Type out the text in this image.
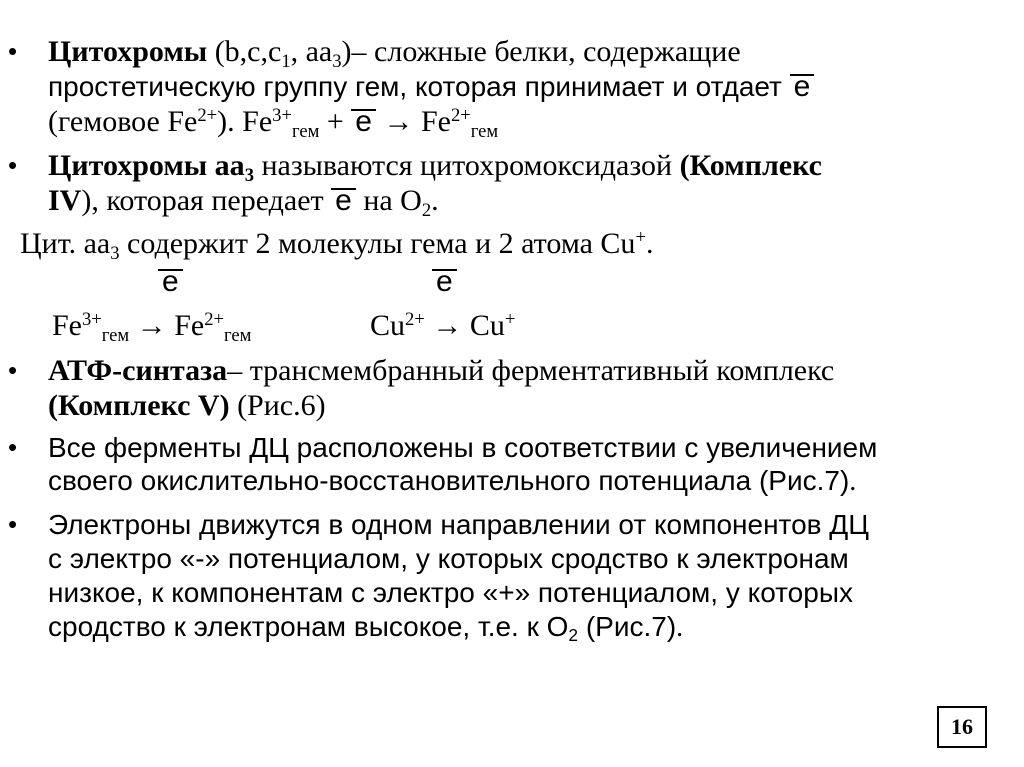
• Цитохромы ($b,c,c_1$, $aa_3)-$ сложные белки, содержащие
простетическую группу гем, которая принимает и отдает e
(гемовое $Fe^{2+}$). $Fe^{3+}_{гем} + e \to Fe^{2+}_{гем}$
• Цитохромы $aa_3$ называются цитохромоксидазой (Комплекс
IV), которая передает e на $О_2$.
Цит. $аа_3$ содержит 2 молекулы гема и 2 атома Cu+.
e	e
$Fe^{3+}_{гем} \to Fe^{2+}_{гем}$	$Cu^{2+} \to Cu^+$
• АТФ-синтаза– трансмембранный ферментативный комплекс
(Комплекс V) (Рис.6)
• Все ферменты ДЦ расположены в соответствии с увеличением
своего окислительно-восстановительного потенциала (Рис.7).
• Электроны движутся в одном направлении от компонентов ДЦ
с электро «-» потенциалом, у которых сродство к электронам
низкое, к компонентам с электро «+» потенциалом, у которых
сродство к электронам высокое, т.е. к $О_2$ (Рис.7).
16
